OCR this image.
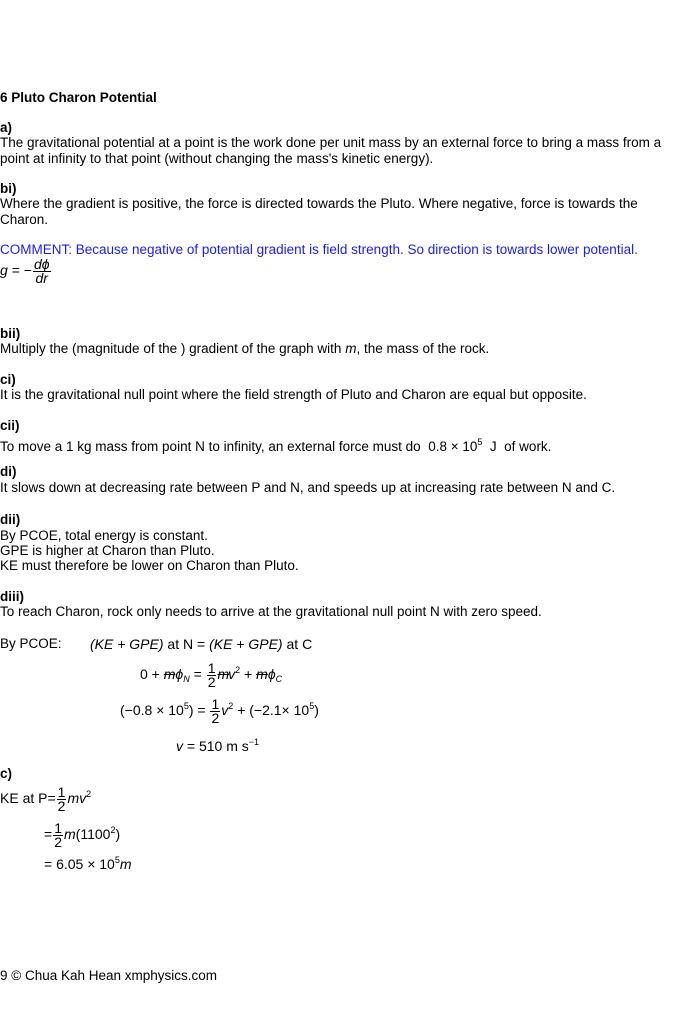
6 Pluto Charon Potential
a)
The gravitational potential at a point is the work done per unit mass by an external force to bring a mass from a point at infinity to that point (without changing the mass's kinetic energy).
bi)
Where the gradient is positive, the force is directed towards the Pluto. Where negative, force is towards the Charon.
COMMENT: Because negative of potential gradient is field strength. So direction is towards lower potential.
g = − $\frac{d\phi}{dr}$
bii)
Multiply the (magnitude of the ) gradient of the graph with m, the mass of the rock.
ci)
It is the gravitational null point where the field strength of Pluto and Charon are equal but opposite.
cii)
To move a 1 kg mass from point N to infinity, an external force must do $0.8 \times 10^5$ J of work.
di)
It slows down at decreasing rate between P and N, and speeds up at increasing rate between N and C.
dii)
By PCOE, total energy is constant.
GPE is higher at Charon than Pluto.
KE must therefore be lower on Charon than Pluto.
diii)
To reach Charon, rock only needs to arrive at the gravitational null point N with zero speed.
By PCOE: (KE + GPE) at N = (KE + GPE) at C
$0 + m\phi_N = \frac{1}{2} mv^2 + m\phi_C$
$(-0.8 \times 10^5) = \frac{1}{2} v^2 + (-2.1\times 10^5)$
v = 510 m $s^{-1}$
c)
KE at $P= \frac{1}{2} mv^2$
= $\frac{1}{2} m(1100^2)$
= $6.05 \times 10^5m$
9 © Chua Kah Hean xmphysics.com
